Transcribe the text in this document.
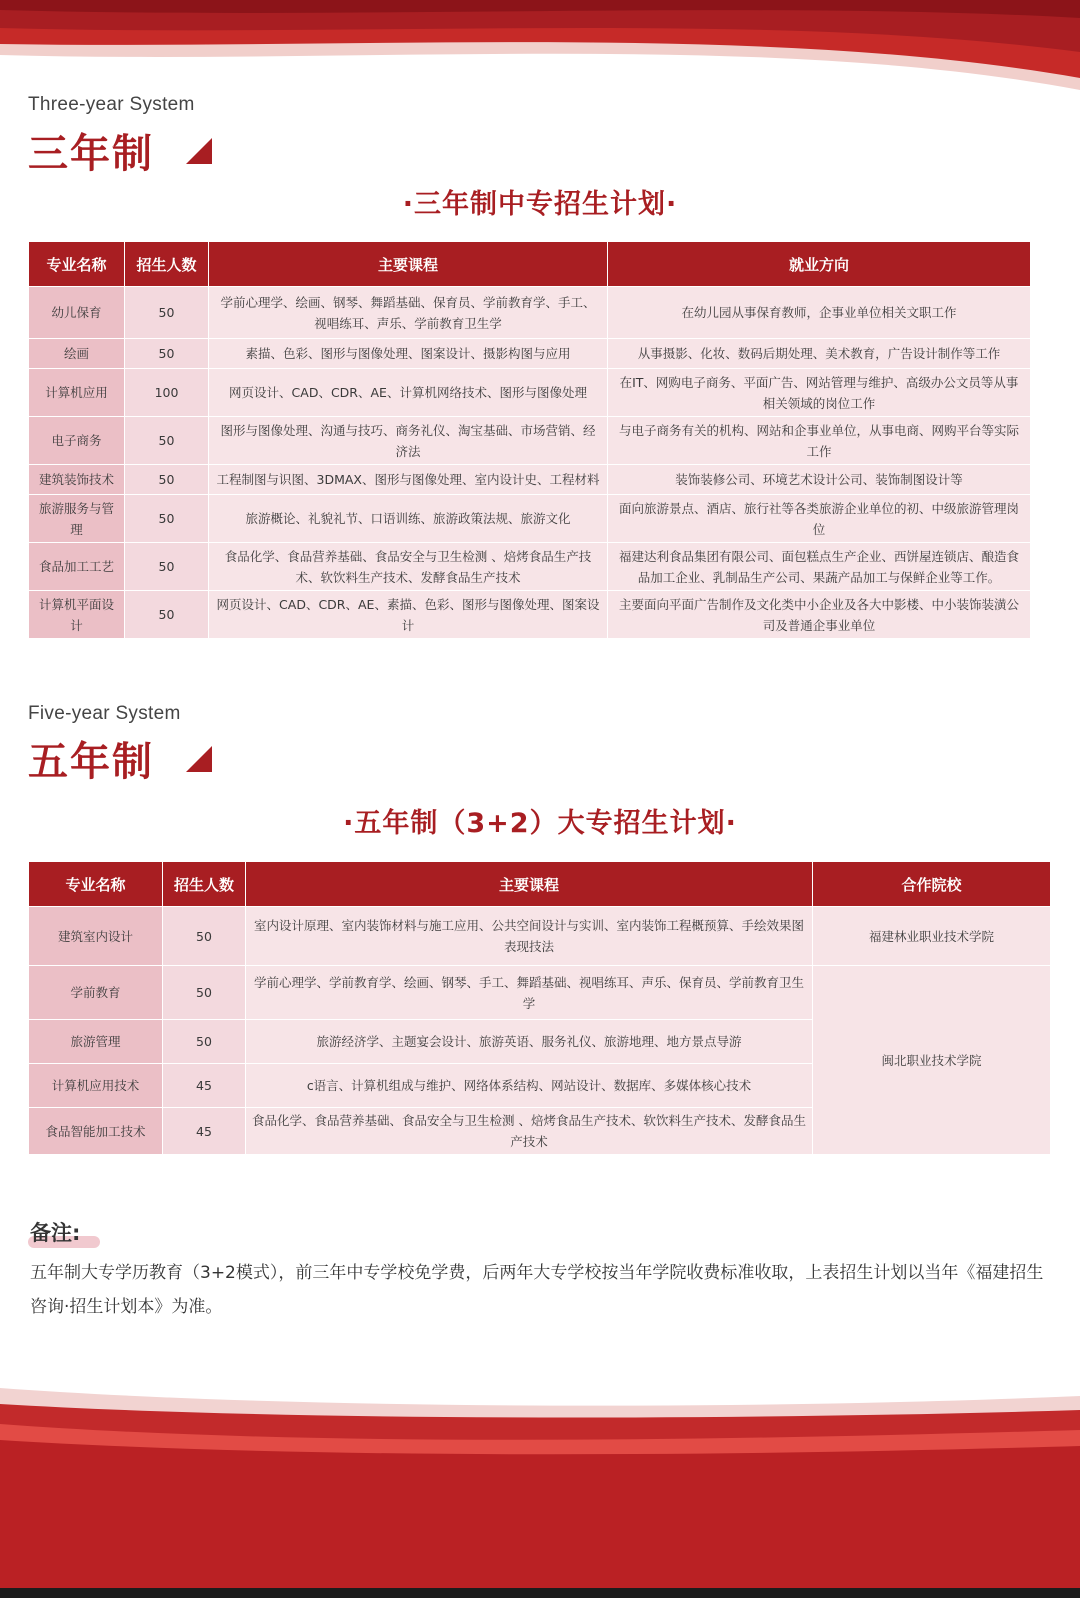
Three-year System
三年制
·三年制中专招生计划·
专业名称	招生人数	主要课程	就业方向
幼儿保育	50	学前心理学、绘画、钢琴、舞蹈基础、保育员、学前教育学、手工、视唱练耳、声乐、学前教育卫生学	在幼儿园从事保育教师，企事业单位相关文职工作
绘画	50	素描、色彩、图形与图像处理、图案设计、摄影构图与应用	从事摄影、化妆、数码后期处理、美术教育，广告设计制作等工作
计算机应用	100	网页设计、CAD、CDR、AE、计算机网络技术、图形与图像处理	在IT、网购电子商务、平面广告、网站管理与维护、高级办公文员等从事相关领域的岗位工作
电子商务	50	图形与图像处理、沟通与技巧、商务礼仪、淘宝基础、市场营销、经济法	与电子商务有关的机构、网站和企事业单位，从事电商、网购平台等实际工作
建筑装饰技术	50	工程制图与识图、3DMAX、图形与图像处理、室内设计史、工程材料	装饰装修公司、环境艺术设计公司、装饰制图设计等
旅游服务与管理	50	旅游概论、礼貌礼节、口语训练、旅游政策法规、旅游文化	面向旅游景点、酒店、旅行社等各类旅游企业单位的初、中级旅游管理岗位
食品加工工艺	50	食品化学、食品营养基础、食品安全与卫生检测 、焙烤食品生产技术、软饮料生产技术、发酵食品生产技术	福建达利食品集团有限公司、面包糕点生产企业、西饼屋连锁店、酿造食品加工企业、乳制品生产公司、果蔬产品加工与保鲜企业等工作。
计算机平面设计	50	网页设计、CAD、CDR、AE、素描、色彩、图形与图像处理、图案设计	主要面向平面广告制作及文化类中小企业及各大中影楼、中小装饰装潢公司及普通企事业单位
Five-year System
五年制
·五年制（3+2）大专招生计划·
专业名称	招生人数	主要课程	合作院校
建筑室内设计	50	室内设计原理、室内装饰材料与施工应用、公共空间设计与实训、室内装饰工程概预算、手绘效果图表现技法	福建林业职业技术学院
学前教育	50	学前心理学、学前教育学、绘画、钢琴、手工、舞蹈基础、视唱练耳、声乐、保育员、学前教育卫生学	闽北职业技术学院
旅游管理	50	旅游经济学、主题宴会设计、旅游英语、服务礼仪、旅游地理、地方景点导游	
计算机应用技术	45	c语言、计算机组成与维护、网络体系结构、网站设计、数据库、多媒体核心技术	
食品智能加工技术	45	食品化学、食品营养基础、食品安全与卫生检测 、焙烤食品生产技术、软饮料生产技术、发酵食品生产技术	
备注:
五年制大专学历教育（3+2模式），前三年中专学校免学费，后两年大专学校按当年学院收费标准收取，上表招生计划以当年《福建招生咨询·招生计划本》为准。
